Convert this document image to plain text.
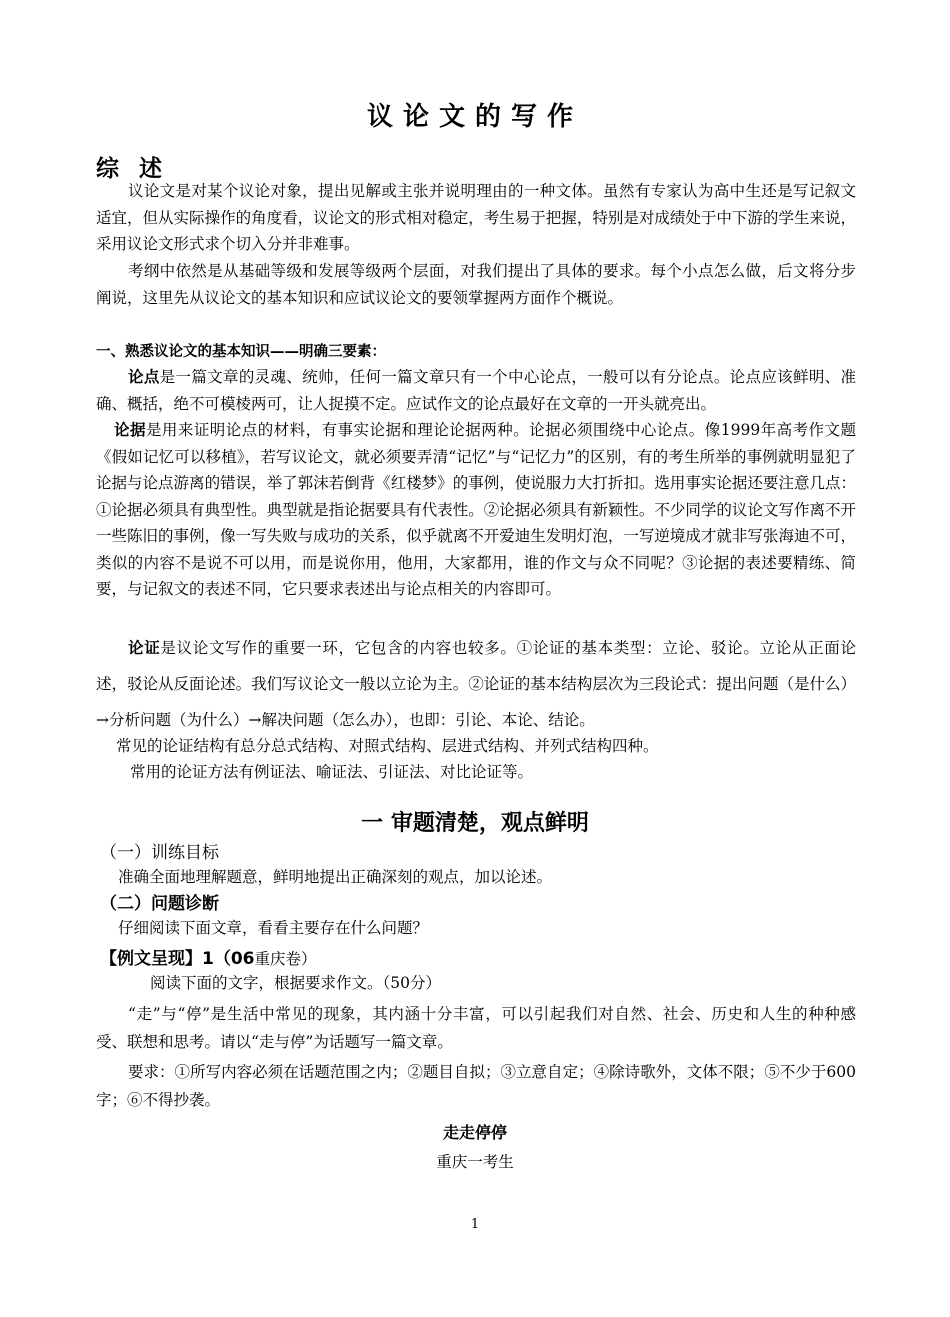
议论文的写作
综 述

议论文是对某个议论对象，提出见解或主张并说明理由的一种文体。虽然有专家认为高中生还是写记叙文适宜，但从实际操作的角度看，议论文的形式相对稳定，考生易于把握，特别是对成绩处于中下游的学生来说，采用议论文形式求个切入分并非难事。

考纲中依然是从基础等级和发展等级两个层面，对我们提出了具体的要求。每个小点怎么做，后文将分步阐说，这里先从议论文的基本知识和应试议论文的要领掌握两方面作个概说。

一、熟悉议论文的基本知识——明确三要素：

论点是一篇文章的灵魂、统帅，任何一篇文章只有一个中心论点，一般可以有分论点。论点应该鲜明、准确、概括，绝不可模棱两可，让人捉摸不定。应试作文的论点最好在文章的一开头就亮出。

论据是用来证明论点的材料，有事实论据和理论论据两种。论据必须围绕中心论点。像1999年高考作文题《假如记忆可以移植》，若写议论文，就必须要弄清“记忆”与“记忆力”的区别，有的考生所举的事例就明显犯了论据与论点游离的错误，举了郭沫若倒背《红楼梦》的事例，使说服力大打折扣。选用事实论据还要注意几点：①论据必须具有典型性。典型就是指论据要具有代表性。②论据必须具有新颖性。不少同学的议论文写作离不开一些陈旧的事例，像一写失败与成功的关系，似乎就离不开爱迪生发明灯泡，一写逆境成才就非写张海迪不可，类似的内容不是说不可以用，而是说你用，他用，大家都用，谁的作文与众不同呢？③论据的表述要精练、简要，与记叙文的表述不同，它只要求表述出与论点相关的内容即可。

论证是议论文写作的重要一环，它包含的内容也较多。①论证的基本类型：立论、驳论。立论从正面论述，驳论从反面论述。我们写议论文一般以立论为主。②论证的基本结构层次为三段论式：提出问题（是什么）→分析问题（为什么）→解决问题（怎么办），也即：引论、本论、结论。

常见的论证结构有总分总式结构、对照式结构、层进式结构、并列式结构四种。
常用的论证方法有例证法、喻证法、引证法、对比论证等。
一 审题清楚，观点鲜明
（一）训练目标
准确全面地理解题意，鲜明地提出正确深刻的观点，加以论述。
（二）问题诊断
仔细阅读下面文章，看看主要存在什么问题？
【例文呈现】1（06重庆卷）
阅读下面的文字，根据要求作文。（50分）

“走”与“停”是生活中常见的现象，其内涵十分丰富，可以引起我们对自然、社会、历史和人生的种种感受、联想和思考。请以“走与停”为话题写一篇文章。

要求：①所写内容必须在话题范围之内；②题目自拟；③立意自定；④除诗歌外，文体不限；⑤不少于600字；⑥不得抄袭。

走走停停
重庆一考生
1
